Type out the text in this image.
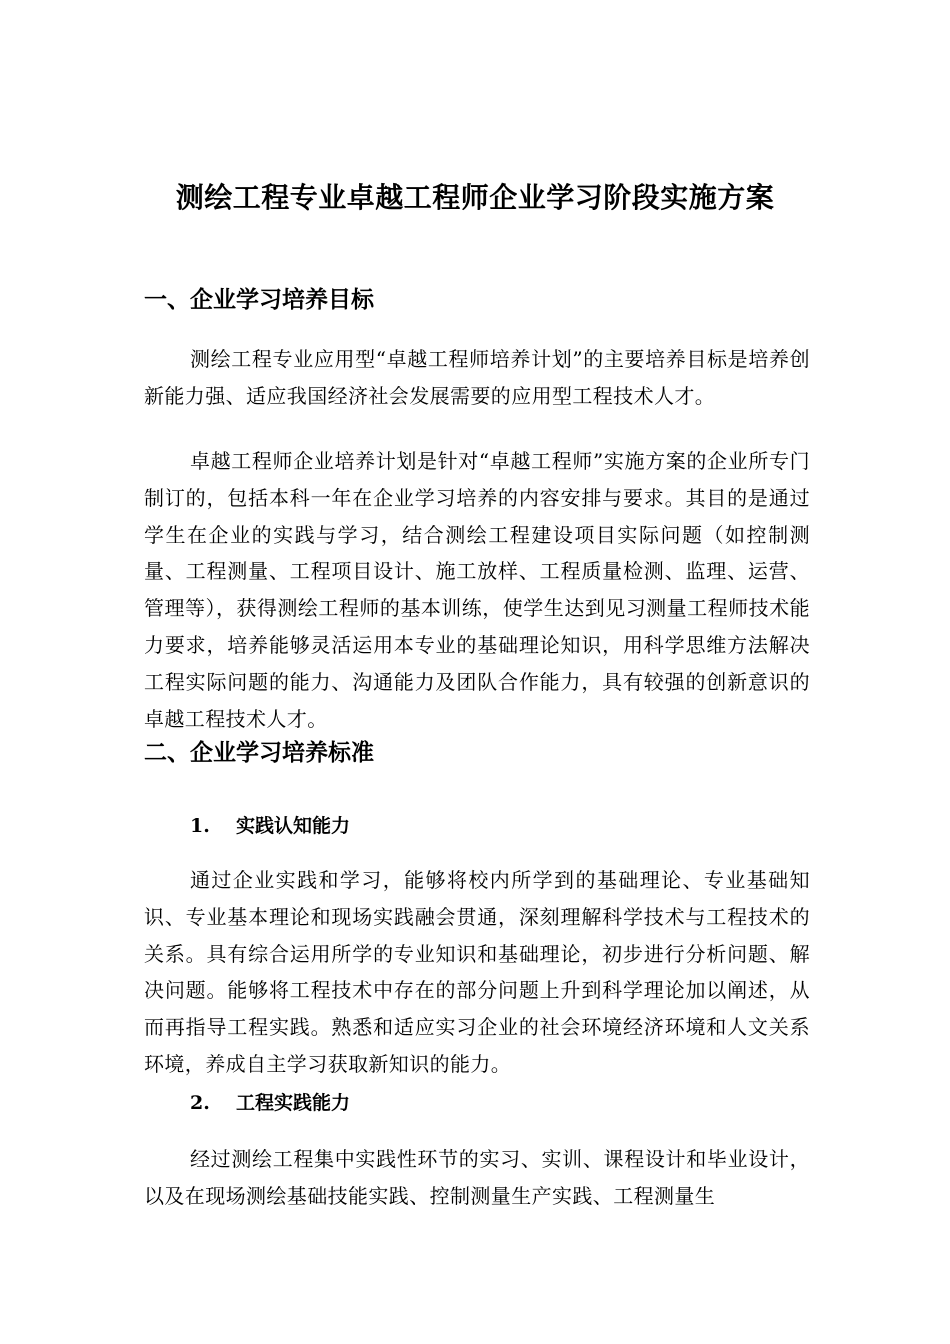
测绘工程专业卓越工程师企业学习阶段实施方案
一、企业学习培养目标

测绘工程专业应用型“卓越工程师培养计划”的主要培养目标是培养创新能力强、适应我国经济社会发展需要的应用型工程技术人才。

卓越工程师企业培养计划是针对“卓越工程师”实施方案的企业所专门制订的，包括本科一年在企业学习培养的内容安排与要求。其目的是通过学生在企业的实践与学习，结合测绘工程建设项目实际问题（如控制测量、工程测量、工程项目设计、施工放样、工程质量检测、监理、运营、管理等），获得测绘工程师的基本训练，使学生达到见习测量工程师技术能力要求，培养能够灵活运用本专业的基础理论知识，用科学思维方法解决工程实际问题的能力、沟通能力及团队合作能力，具有较强的创新意识的卓越工程技术人才。

二、企业学习培养标准
1. 实践认知能力

通过企业实践和学习，能够将校内所学到的基础理论、专业基础知识、专业基本理论和现场实践融会贯通，深刻理解科学技术与工程技术的关系。具有综合运用所学的专业知识和基础理论，初步进行分析问题、解决问题。能够将工程技术中存在的部分问题上升到科学理论加以阐述，从而再指导工程实践。熟悉和适应实习企业的社会环境经济环境和人文关系环境，养成自主学习获取新知识的能力。

2. 工程实践能力

经过测绘工程集中实践性环节的实习、实训、课程设计和毕业设计，以及在现场测绘基础技能实践、控制测量生产实践、工程测量生
